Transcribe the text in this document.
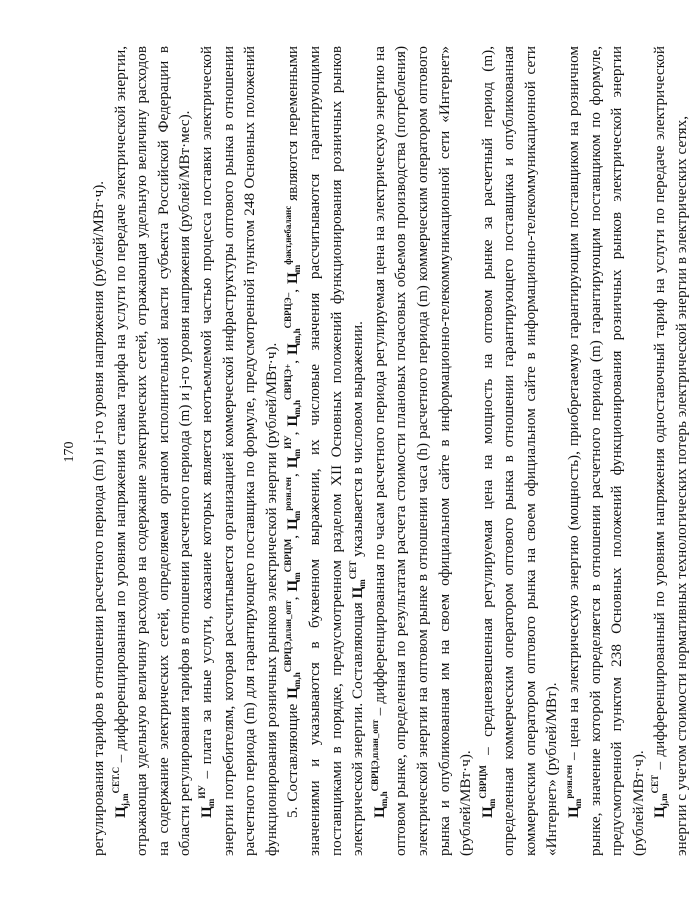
170 регулирования тарифов в отношении расчетного периода (m) и j-го уровня напряжения (рублей/МВт·ч). $Ц_{j,m}^{CET.C}$ – дифференцированная по уровням напряжения ставка тарифа на услуги по передаче электрической энергии, отражающая удельную величину расходов на содержание электрических сетей, отражающая удельную величину расходов на содержание электрических сетей, определяемая органом исполнительной власти субъекта Российской Федерации в области регулирования тарифов в отношении расчетного периода (m) и j-го уровня напряжения (рублей/МВт·мес). $Ц_m^{ИУ}$ – плата за иные услуги, оказание которых является неотъемлемой частью процесса поставки электрической энергии потребителям, которая рассчитывается организацией коммерческой инфраструктуры оптового рынка в отношении расчетного периода (m) для гарантирующего поставщика по формуле, предусмотренной пунктом 248 Основных положений функционирования розничных рынков электрической энергии (рублей/МВт·ч). 5. Составляющие $Ц_{m,h}^{СВРЦЭ,план\_опт}$, $Ц_m^{СВРЦМ}$, $Ц_m^{розн.ген}$, $Ц_m^{ИУ}$, $Ц_{m,h}^{СВРЦЭ+}$, $Ц_{m,h}^{СВРЦЭ-}$, $Ц_m^{факт,небаланс}$ являются переменными значениями и указываются в буквенном выражении, их числовые значения рассчитываются гарантирующими поставщиками в порядке, предусмотренном разделом XII Основных положений функционирования розничных рынков электрической энергии. Составляющая $Ц_m^{СЕТ}$ указывается в числовом выражении.

$Ц_{m,h}^{СВРЦЭ,план\_опт}$ – дифференцированная по часам расчетного периода регулируемая цена на электрическую энергию на оптовом рынке, определенная по результатам расчета стоимости плановых почасовых объемов производства (потребления) электрической энергии на оптовом рынке в отношении часа (h) расчетного периода (m) коммерческим оператором оптового рынка и опубликованная им на своем официальном сайте в информационно-телекоммуникационной сети «Интернет» (рублей/МВт·ч). $Ц_m^{СВРЦМ}$ – средневзвешенная регулируемая цена на мощность на оптовом рынке за расчетный период (m), определенная коммерческим оператором оптового рынка в отношении гарантирующего поставщика и опубликованная коммерческим оператором оптового рынка на своем официальном сайте в информационно-телекоммуникационной сети «Интернет» (рублей/МВт). $Ц_m^{розн.ген}$ – цена на электрическую энергию (мощность), приобретаемую гарантирующим поставщиком на розничном рынке, значение которой определяется в отношении расчетного периода (m) гарантирующим поставщиком по формуле, предусмотренной пунктом 238 Основных положений функционирования розничных рынков электрической энергии (рублей/МВт·ч). $Ц_{j,m}^{СЕТ}$ – дифференцированный по уровням напряжения одноставочный тариф на услуги по передаче электрической энергии с учетом стоимости нормативных технологических потерь электрической энергии в электрических сетях,
